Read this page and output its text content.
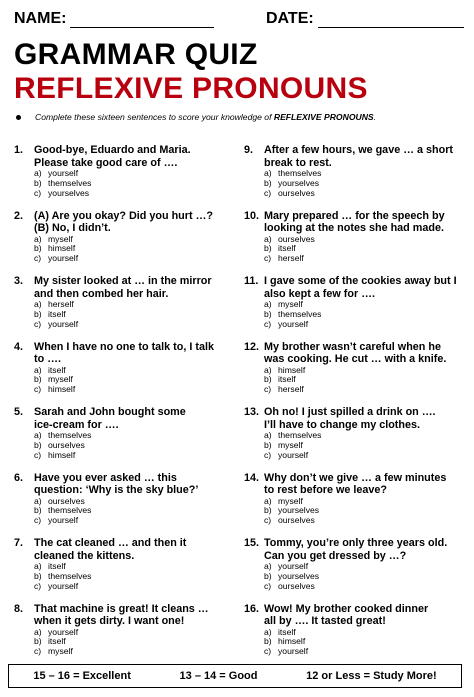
NAME:	DATE:
GRAMMAR QUIZ
REFLEXIVE PRONOUNS
Complete these sixteen sentences to score your knowledge of REFLEXIVE PRONOUNS.
1.	Good-bye, Eduardo and Maria.
Please take good care of ….
a) yourself
b) themselves
c) yourselves
2.	(A) Are you okay? Did you hurt …?
(B) No, I didn’t.
a) myself
b) himself
c) yourself
3.	My sister looked at … in the mirror
and then combed her hair.
a) herself
b) itself
c) yourself
4.	When I have no one to talk to, I talk
to ….
a) itself
b) myself
c) himself
5.	Sarah and John bought some
ice-cream for ….
a) themselves
b) ourselves
c) himself
6.	Have you ever asked … this
question: ‘Why is the sky blue?’
a) ourselves
b) themselves
c) yourself
7.	The cat cleaned … and then it
cleaned the kittens.
a) itself
b) themselves
c) yourself
8.	That machine is great! It cleans …
when it gets dirty. I want one!
a) yourself
b) itself
c) myself
9.	After a few hours, we gave … a short
break to rest.
a) themselves
b) yourselves
c) ourselves
10. Mary prepared … for the speech by
looking at the notes she had made.
a) ourselves
b) itself
c) herself
11. I gave some of the cookies away but I
also kept a few for ….
a) myself
b) themselves
c) yourself
12. My brother wasn’t careful when he
was cooking. He cut … with a knife.
a) himself
b) itself
c) herself
13. Oh no! I just spilled a drink on ….
I’ll have to change my clothes.
a) themselves
b) myself
c) yourself
14. Why don’t we give … a few minutes
to rest before we leave?
a) myself
b) yourselves
c) ourselves
15. Tommy, you’re only three years old.
Can you get dressed by …?
a) yourself
b) yourselves
c) ourselves
16. Wow! My brother cooked dinner
all by …. It tasted great!
a) itself
b) himself
c) yourself
15 – 16 = Excellent	13 – 14 = Good	12 or Less = Study More!
